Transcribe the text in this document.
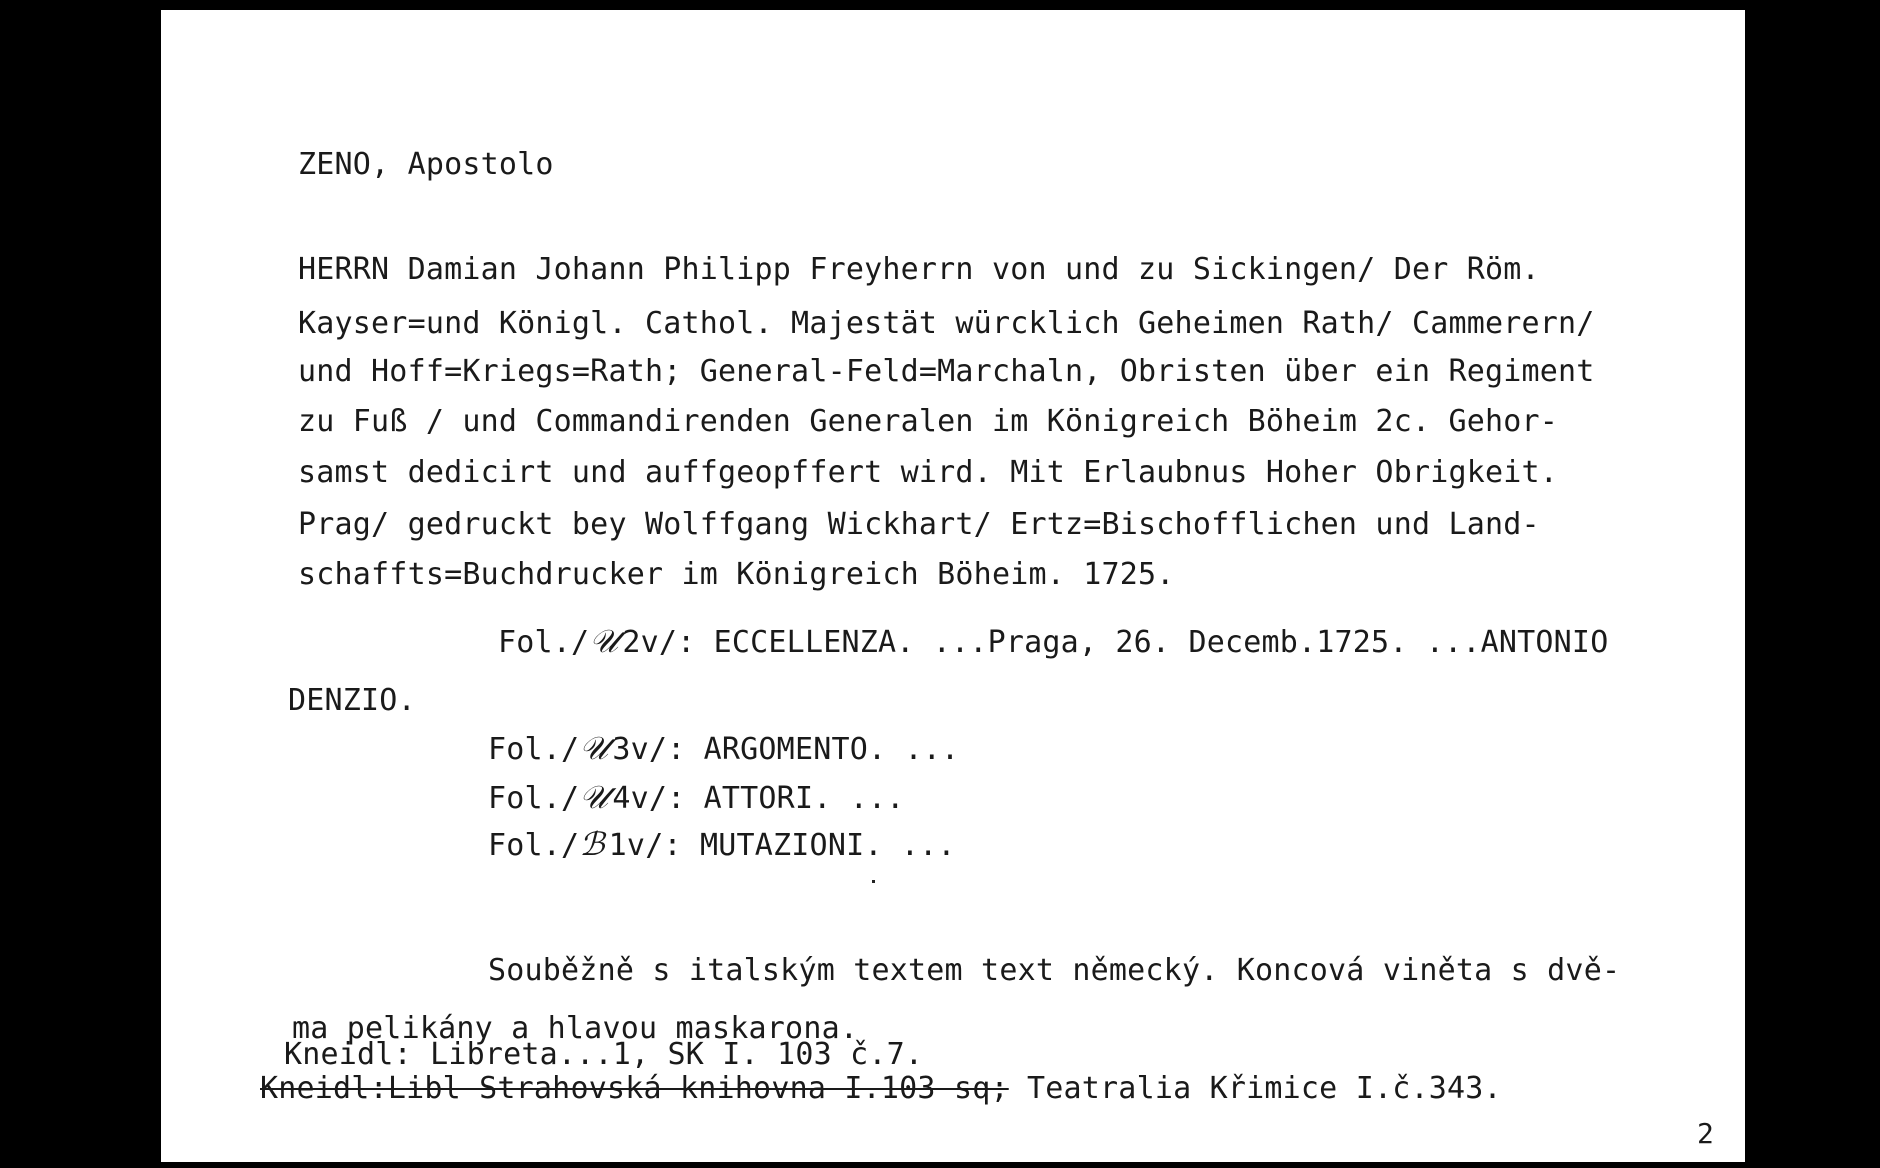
ZENO, Apostolo
HERRN Damian Johann Philipp Freyherrn von und zu Sickingen/ Der Röm.
Kayser=und Königl. Cathol. Majestät würcklich Geheimen Rath/ Cammerern/
und Hoff=Kriegs=Rath; General-Feld=Marchaln, Obristen über ein Regiment
zu Fuß / und Commandirenden Generalen im Königreich Böheim 2c. Gehor-
samst dedicirt und auffgeopffert wird. Mit Erlaubnus Hoher Obrigkeit.
Prag/ gedruckt bey Wolffgang Wickhart/ Ertz=Bischofflichen und Land-
schaffts=Buchdrucker im Königreich Böheim. 1725.
Fol./𝒰 2v/: ECCELLENZA. ...Praga, 26. Decemb.1725. ...ANTONIO
DENZIO.
Fol./𝒰 3v/: ARGOMENTO. ...
Fol./𝒰 4v/: ATTORI. ...
Fol./ℬ 1v/: MUTAZIONI. ...
Souběžně s italským textem text německý. Koncová viněta s dvě-
ma pelikány a hlavou maskarona.
Kneidl: Libreta...1, SK I. 103 č.7.
Kneidl:Libl Strahovská knihovna I.103 sq; Teatralia Křimice I.č.343.
2
